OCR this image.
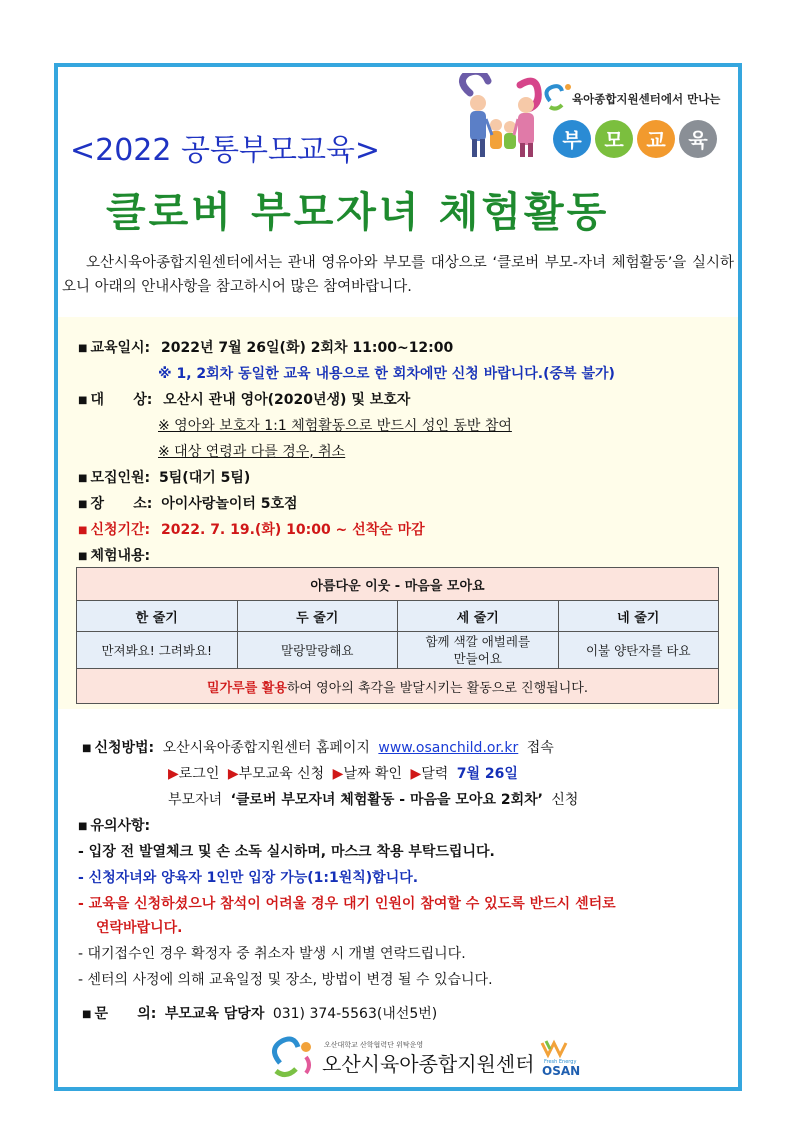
육아종합지원센터에서 만나는
부 모 교 육
<2022 공통부모교육>
클로버 부모자녀 체험활동
오산시육아종합지원센터에서는 관내 영유아와 부모를 대상으로 ‘클로버 부모-자녀 체험활동’을 실시하오니 아래의 안내사항을 참고하시어 많은 참여바랍니다.
■ 교육일시: 2022년 7월 26일(화) 2회차 11:00~12:00
※ 1, 2회차 동일한 교육 내용으로 한 회차에만 신청 바랍니다.(중복 불가)
■ 대      상: 오산시 관내 영아(2020년생) 및 보호자
※ 영아와 보호자 1:1 체험활동으로 반드시 성인 동반 참여
※ 대상 연령과 다를 경우, 취소
■ 모집인원: 5팀(대기 5팀)
■ 장      소: 아이사랑놀이터 5호점
■ 신청기간: 2022. 7. 19.(화) 10:00 ~ 선착순 마감
■ 체험내용:
아름다운 이웃 - 마음을 모아요			
한 줄기	두 줄기	세 줄기	네 줄기
만져봐요! 그려봐요!	말랑말랑해요	함께 색깔 애벌레를 만들어요	이불 양탄자를 타요
밀가루를 활용하여 영아의 촉각을 발달시키는 활동으로 진행됩니다.			
■ 신청방법: 오산시육아종합지원센터 홈페이지 www.osanchild.or.kr 접속
▶로그인 ▶부모교육 신청 ▶날짜 확인 ▶달력 7월 26일
부모자녀 ‘클로버 부모자녀 체험활동 - 마음을 모아요 2회차’ 신청
■ 유의사항:
- 입장 전 발열체크 및 손 소독 실시하며, 마스크 착용 부탁드립니다.
- 신청자녀와 양육자 1인만 입장 가능(1:1원칙)합니다.
- 교육을 신청하셨으나 참석이 어려울 경우 대기 인원이 참여할 수 있도록 반드시 센터로
연락바랍니다.
- 대기접수인 경우 확정자 중 취소자 발생 시 개별 연락드립니다.
- 센터의 사정에 의해 교육일정 및 장소, 방법이 변경 될 수 있습니다.
■ 문      의: 부모교육 담당자 031) 374-5563(내선5번)
오산대학교 산학협력단 위탁운영
오산시육아종합지원센터 Fresh Energy
OSAN
